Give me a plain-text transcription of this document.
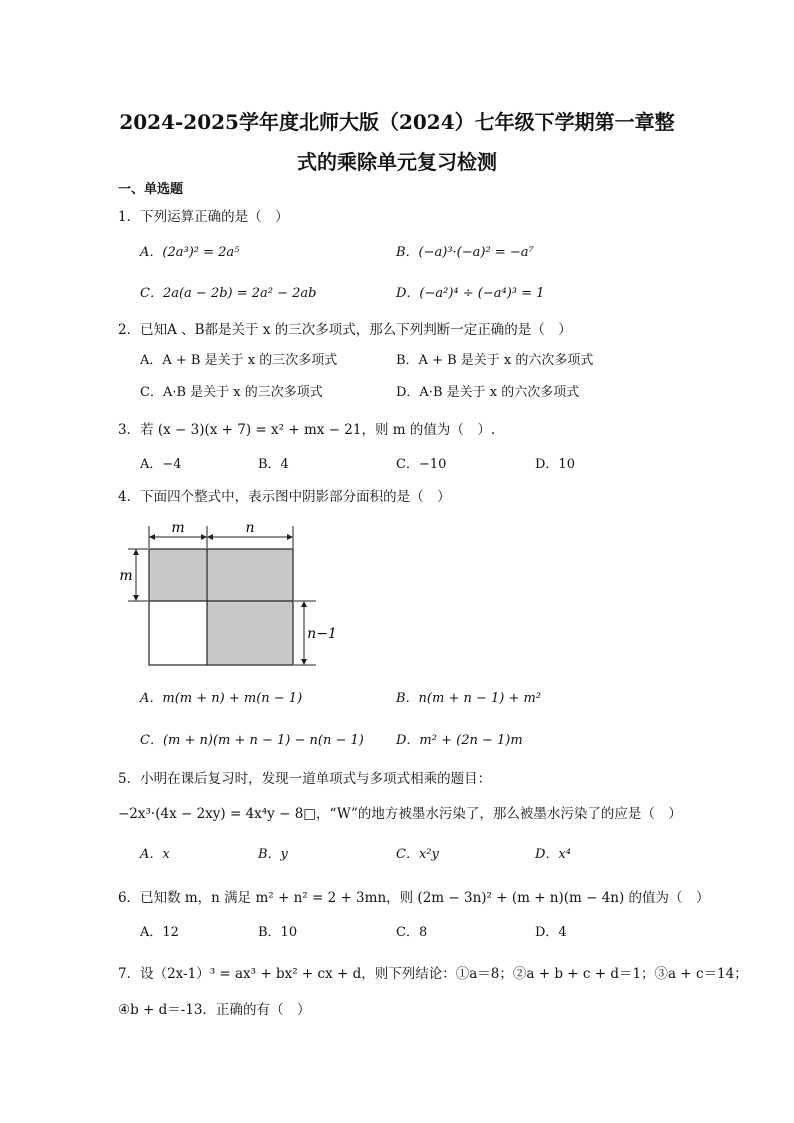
2024-2025学年度北师大版（2024）七年级下学期第一章整
式的乘除单元复习检测
一、单选题
1．下列运算正确的是（　）
A．(2a³)² = 2a⁵	B．(−a)³·(−a)² = −a⁷
C．2a(a − 2b) = 2a² − 2ab	D．(−a²)⁴ ÷ (−a⁴)³ = 1
2．已知A 、B都是关于 x 的三次多项式，那么下列判断一定正确的是（　）
A．A + B 是关于 x 的三次多项式	B．A + B 是关于 x 的六次多项式
C．A·B 是关于 x 的三次多项式	D．A·B 是关于 x 的六次多项式
3．若 (x − 3)(x + 7) = x² + mx − 21，则 m 的值为（　）.
A．−4	B．4	C．−10	D．10
4．下面四个整式中，表示图中阴影部分面积的是（　）
m	n
m
n−1
A．m(m + n) + m(n − 1)	B．n(m + n − 1) + m²
C．(m + n)(m + n − 1) − n(n − 1) D．m² + (2n − 1)m
5．小明在课后复习时，发现一道单项式与多项式相乘的题目：
−2x³·(4x − 2xy) = 4x⁴y − 8□，“W”的地方被墨水污染了，那么被墨水污染了的应是（　）
A．x	B．y	C．x²y	D．x⁴
6．已知数 m，n 满足 m² + n² = 2 + 3mn，则 (2m − 3n)² + (m + n)(m − 4n) 的值为（　）
A．12	B．10	C．8	D．4
7．设（2x-1）³ = ax³ + bx² + cx + d，则下列结论：①a＝8；②a + b + c + d＝1；③a + c＝14；
④b + d＝-13．正确的有（　）
